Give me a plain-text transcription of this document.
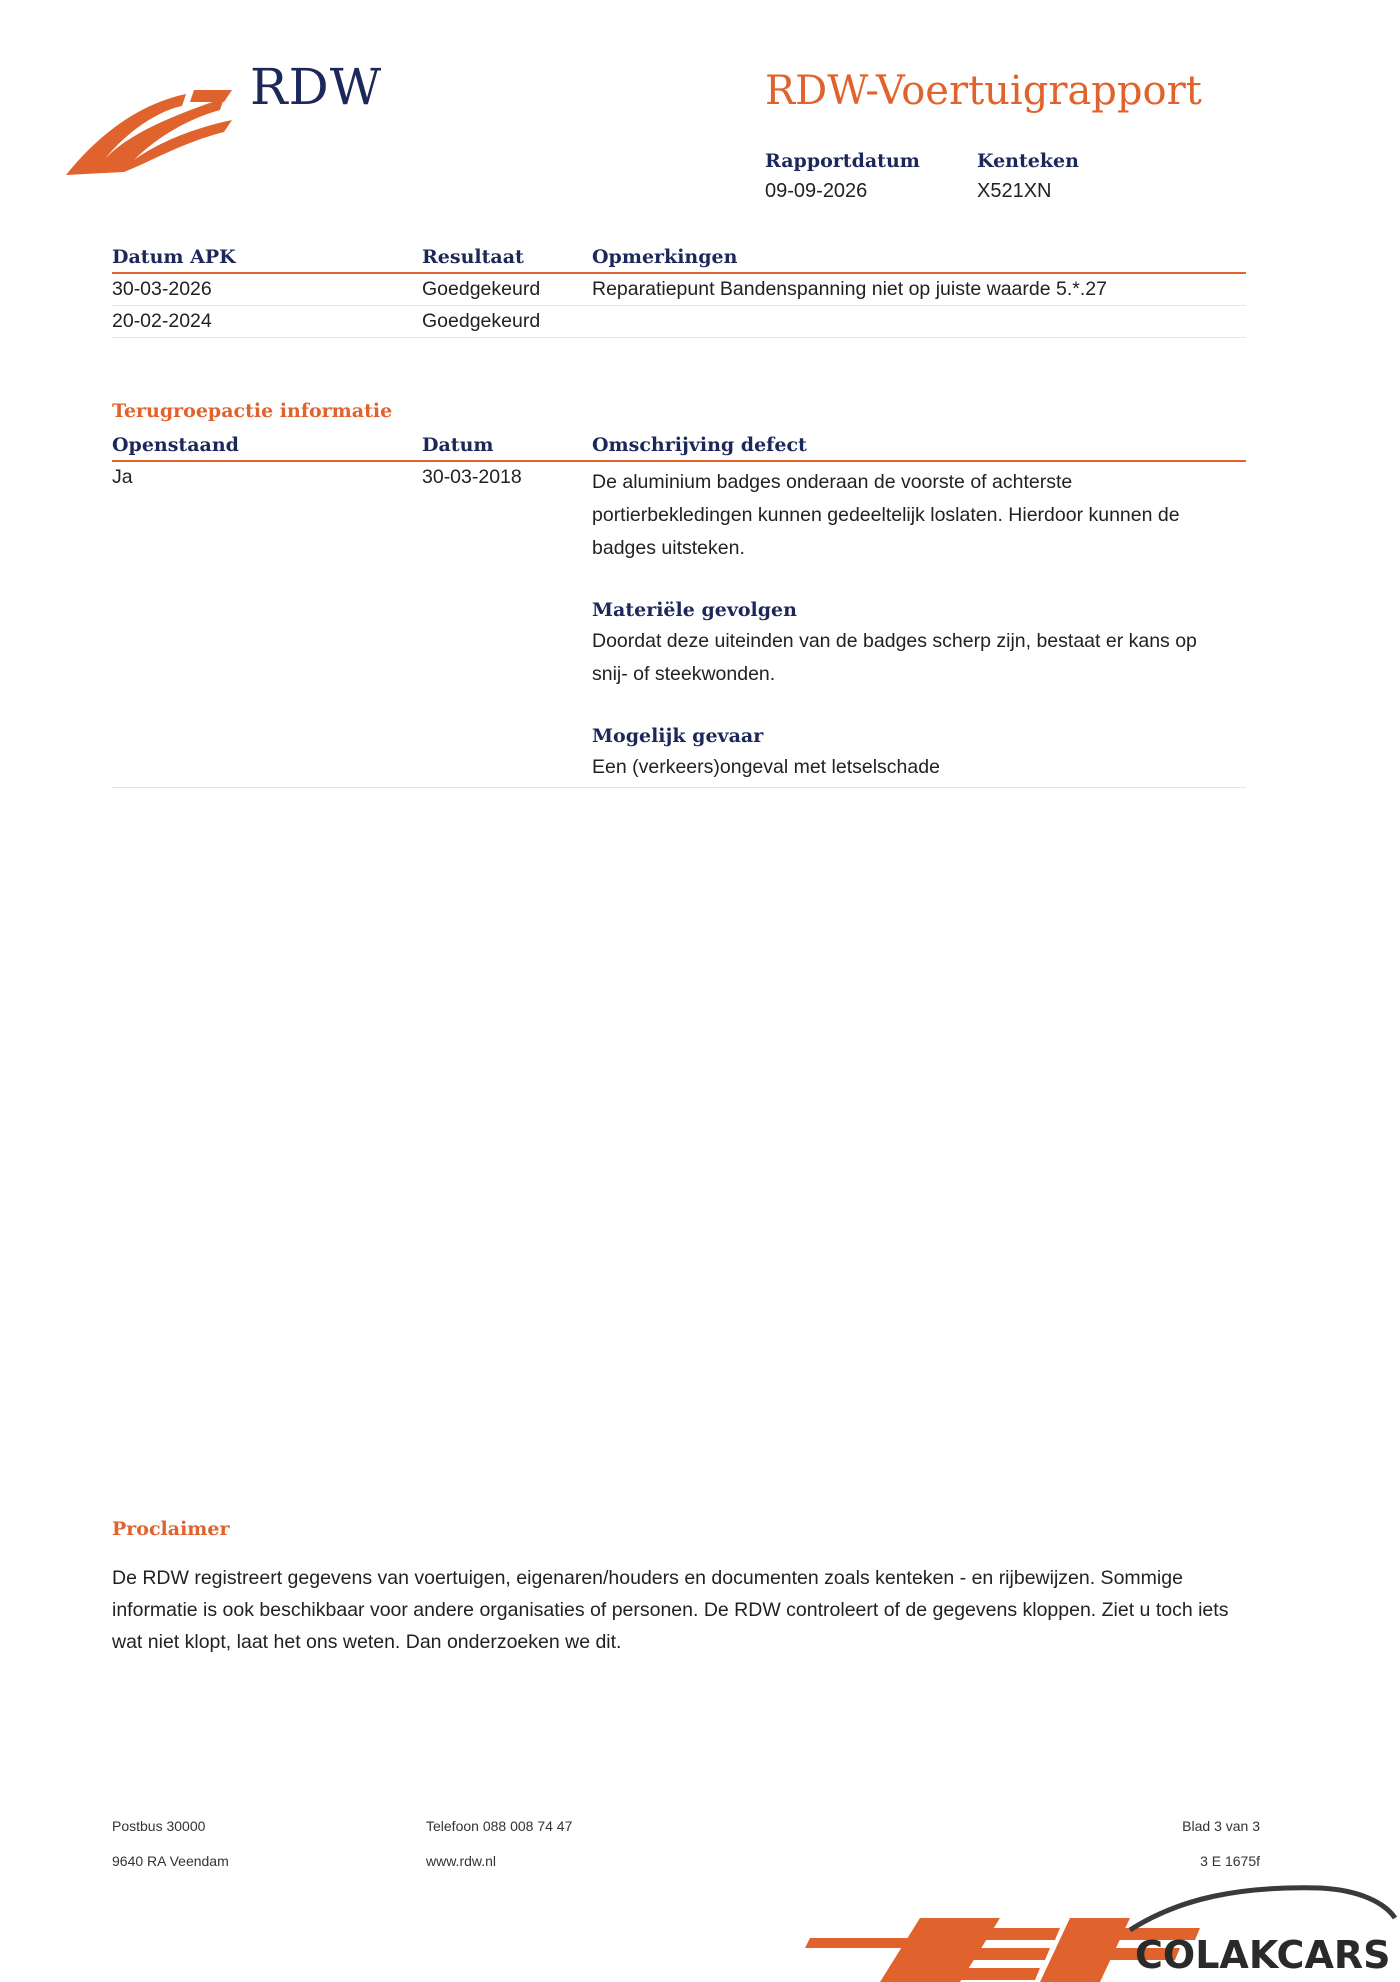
RDW	RDW-Voertuigrapport
Rapportdatum
09-09-2026
Kenteken
X521XN
Datum APK	Resultaat	Opmerkingen
30-03-2026	Goedgekeurd	Reparatiepunt Bandenspanning niet op juiste waarde 5.*.27
20-02-2024	Goedgekeurd
Terugroepactie informatie
Openstaand	Datum	Omschrijving defect
Ja	30-03-2018	De aluminium badges onderaan de voorste of achterste portierbekledingen kunnen gedeeltelijk loslaten. Hierdoor kunnen de badges uitsteken.
Materiële gevolgen
Doordat deze uiteinden van de badges scherp zijn, bestaat er kans op snij- of steekwonden.
Mogelijk gevaar
Een (verkeers)ongeval met letselschade
Proclaimer
De RDW registreert gegevens van voertuigen, eigenaren/houders en documenten zoals kenteken - en rijbewijzen. Sommige informatie is ook beschikbaar voor andere organisaties of personen. De RDW controleert of de gegevens kloppen. Ziet u toch iets wat niet klopt, laat het ons weten. Dan onderzoeken we dit.
Postbus 30000
9640 RA Veendam
Telefoon 088 008 74 47
www.rdw.nl
Blad 3 van 3
3 E 1675f
COLAKCARS
